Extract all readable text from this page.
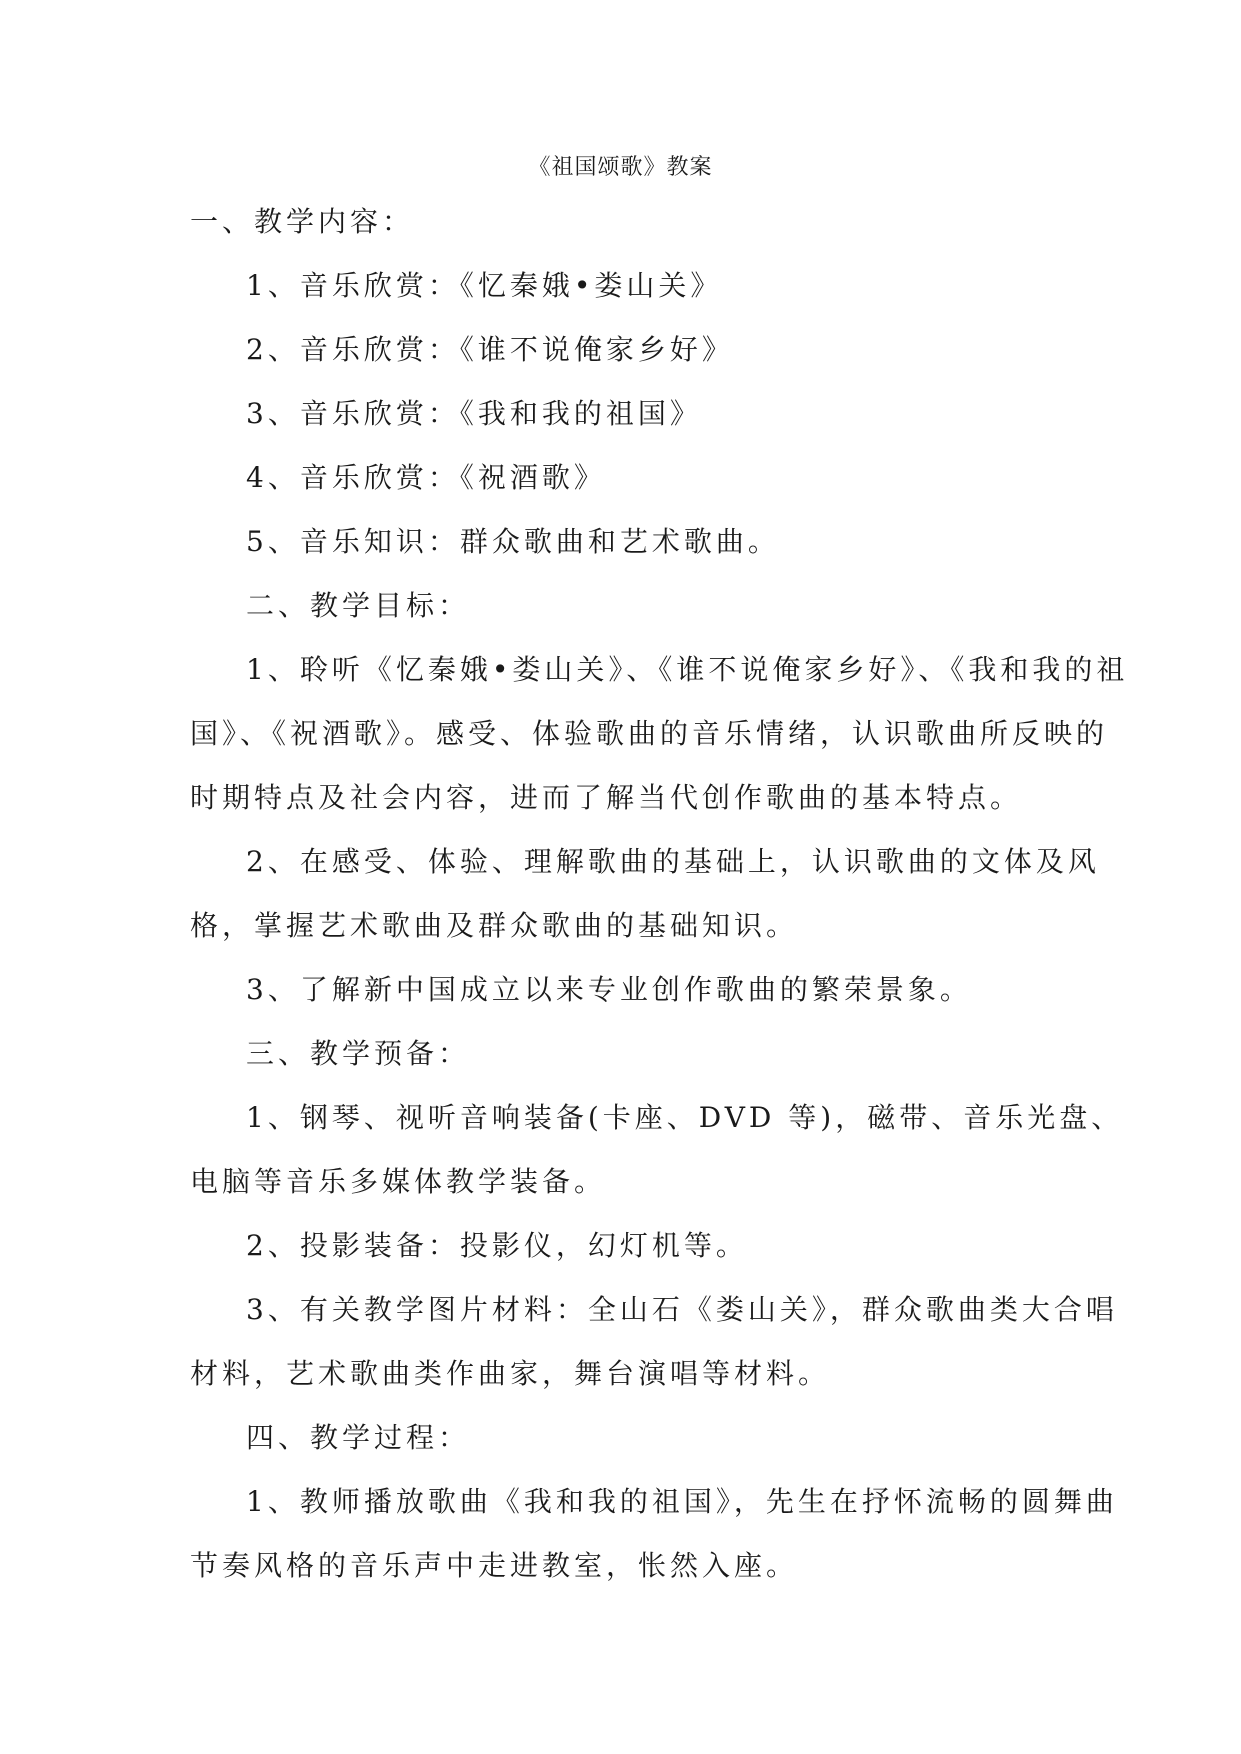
《祖国颂歌》教案
一、教学内容：
1、音乐欣赏：《忆秦娥•娄山关》
2、音乐欣赏：《谁不说俺家乡好》
3、音乐欣赏：《我和我的祖国》
4、音乐欣赏：《祝酒歌》
5、音乐知识：群众歌曲和艺术歌曲。
二、教学目标：
1、聆听《忆秦娥•娄山关》、《谁不说俺家乡好》、《我和我的祖
国》、《祝酒歌》。感受、体验歌曲的音乐情绪，认识歌曲所反映的
时期特点及社会内容，进而了解当代创作歌曲的基本特点。
2、在感受、体验、理解歌曲的基础上，认识歌曲的文体及风
格，掌握艺术歌曲及群众歌曲的基础知识。
3、了解新中国成立以来专业创作歌曲的繁荣景象。
三、教学预备：
1、钢琴、视听音响装备(卡座、DVD 等)，磁带、音乐光盘、
电脑等音乐多媒体教学装备。
2、投影装备：投影仪，幻灯机等。
3、有关教学图片材料：全山石《娄山关》，群众歌曲类大合唱
材料，艺术歌曲类作曲家，舞台演唱等材料。
四、教学过程：
1、教师播放歌曲《我和我的祖国》，先生在抒怀流畅的圆舞曲
节奏风格的音乐声中走进教室，怅然入座。
